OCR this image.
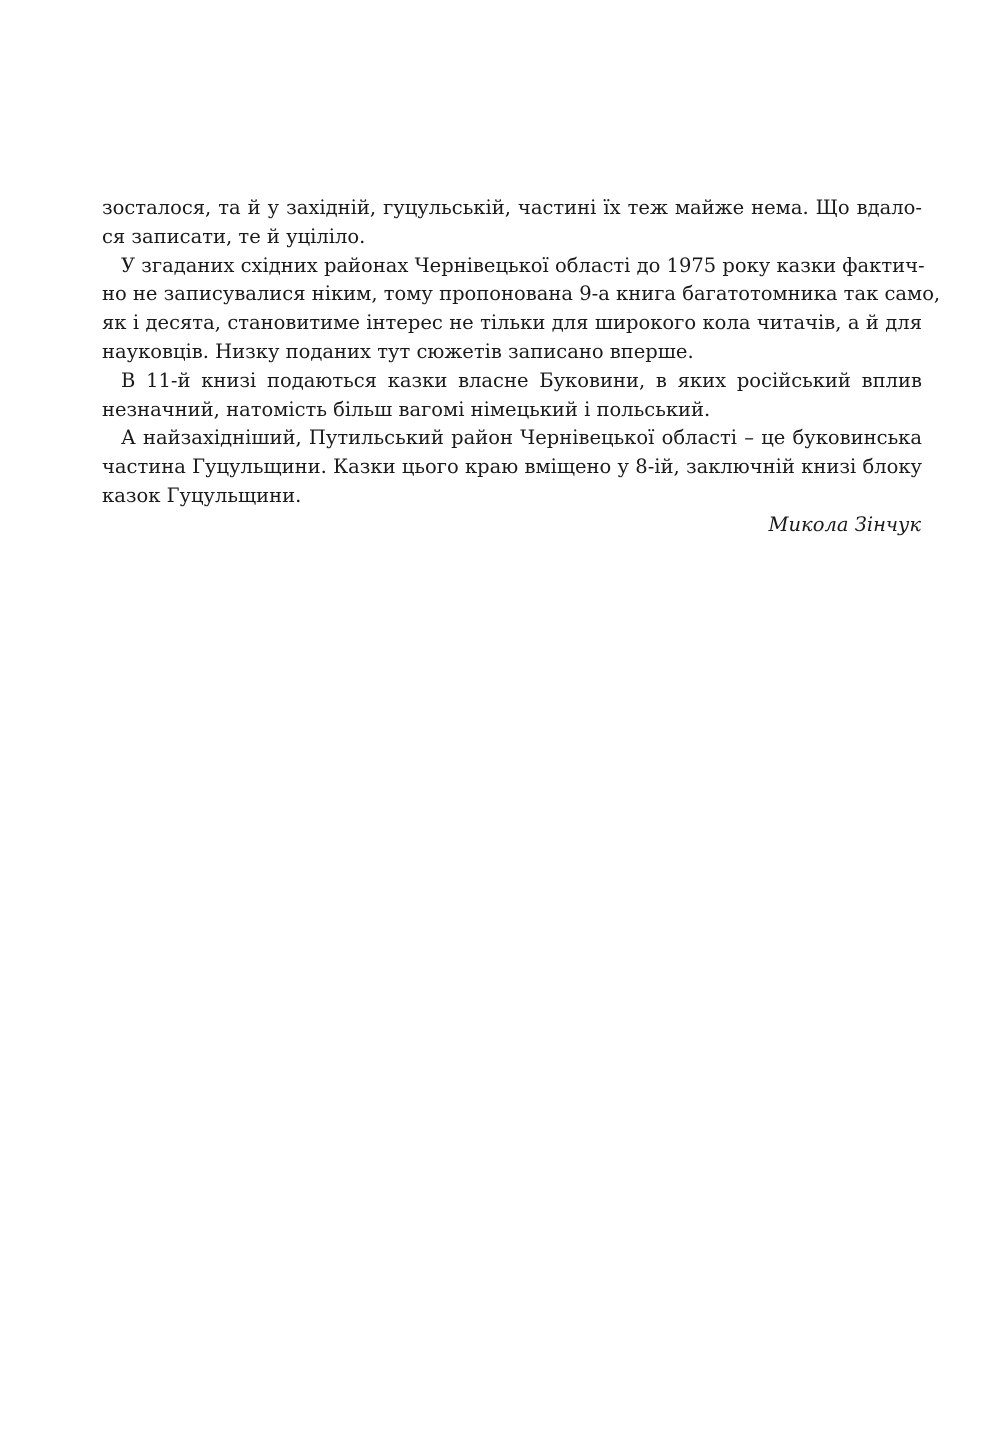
зосталося, та й у західній, гуцульській, частині їх теж майже нема. Що вдало-
ся записати, те й уціліло.
У згаданих східних районах Чернівецької області до 1975 року казки фактич-
но не записувалися ніким, тому пропонована 9-а книга багатотомника так само,
як і десята, становитиме інтерес не тільки для широкого кола читачів, а й для
науковців. Низку поданих тут сюжетів записано вперше.
В 11-й книзі подаються казки власне Буковини, в яких російський вплив
незначний, натомість більш вагомі німецький і польський.
А найзахідніший, Путильський район Чернівецької області – це буковинська
частина Гуцульщини. Казки цього краю вміщено у 8-ій, заключній книзі блоку
казок Гуцульщини.
Микола Зінчук
